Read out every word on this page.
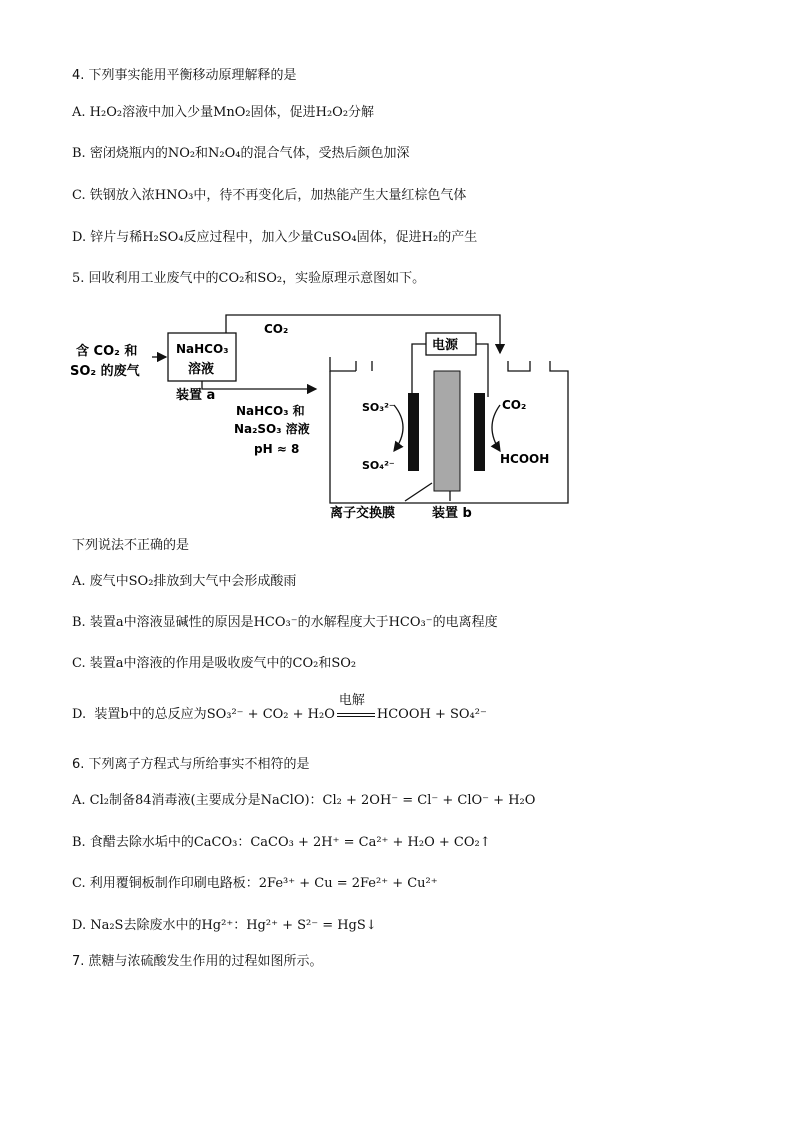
4. 下列事实能用平衡移动原理解释的是
A. H₂O₂溶液中加入少量MnO₂固体，促进H₂O₂分解
B. 密闭烧瓶内的NO₂和N₂O₄的混合气体，受热后颜色加深
C. 铁钢放入浓HNO₃中，待不再变化后，加热能产生大量红棕色气体
D. 锌片与稀H₂SO₄反应过程中，加入少量CuSO₄固体，促进H₂的产生
5. 回收利用工业废气中的CO₂和SO₂，实验原理示意图如下。
含 CO₂ 和
SO₂ 的废气
NaHCO₃
溶液
装置 a
CO₂
NaHCO₃ 和
Na₂SO₃ 溶液
pH ≈ 8
电源
SO₃²⁻
SO₄²⁻
CO₂
HCOOH
离子交换膜	装置 b
下列说法不正确的是
A. 废气中SO₂排放到大气中会形成酸雨
B. 装置a中溶液显碱性的原因是HCO₃⁻的水解程度大于HCO₃⁻的电离程度
C. 装置a中溶液的作用是吸收废气中的CO₂和SO₂
D.  装置b中的总反应为SO₃²⁻ + CO₂ + H₂O
电解
HCOOH + SO₄²⁻
6. 下列离子方程式与所给事实不相符的是
A. Cl₂制备84消毒液(主要成分是NaClO)：Cl₂ + 2OH⁻ = Cl⁻ + ClO⁻ + H₂O
B. 食醋去除水垢中的CaCO₃：CaCO₃ + 2H⁺ = Ca²⁺ + H₂O + CO₂↑
C. 利用覆铜板制作印刷电路板：2Fe³⁺ + Cu = 2Fe²⁺ + Cu²⁺
D. Na₂S去除废水中的Hg²⁺：Hg²⁺ + S²⁻ = HgS↓
7. 蔗糖与浓硫酸发生作用的过程如图所示。
